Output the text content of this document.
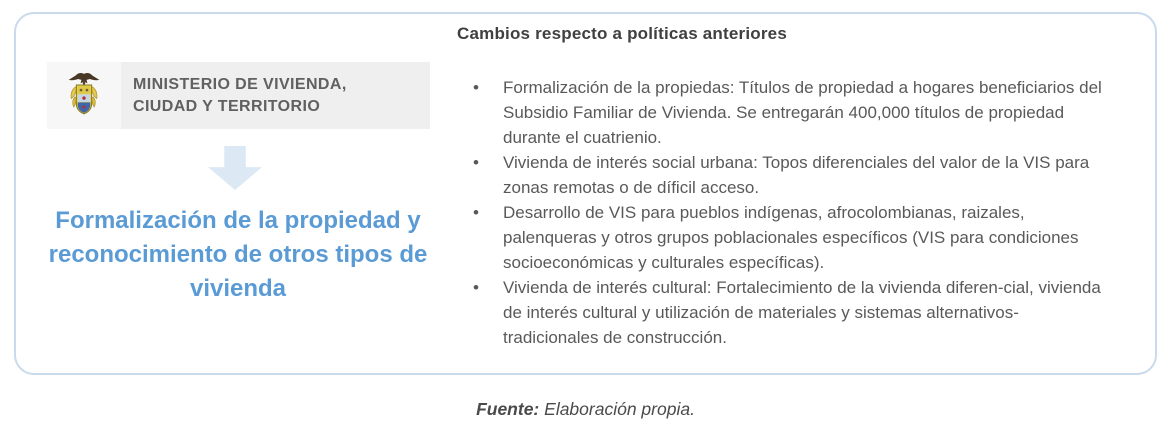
MINISTERIO DE VIVIENDA,
CIUDAD Y TERRITORIO
Formalización de la propiedad y reconocimiento de otros tipos de vivienda
Cambios respecto a políticas anteriores
•	Formalización de la propiedas: Títulos de propiedad a hogares beneficiarios del Subsidio Familiar de Vivienda. Se entregarán 400,000 títulos de propiedad durante el cuatrienio.
•	Vivienda de interés social urbana: Topos diferenciales del valor de la VIS para zonas remotas o de díficil acceso.
•	Desarrollo de VIS para pueblos indígenas, afrocolombianas, raizales, palenqueras y otros grupos poblacionales específicos (VIS para condiciones socioeconómicas y culturales específicas).
•	Vivienda de interés cultural: Fortalecimiento de la vivienda diferen-cial, vivienda de interés cultural y utilización de materiales y sistemas alternativos-tradicionales de construcción.
Fuente: Elaboración propia.
